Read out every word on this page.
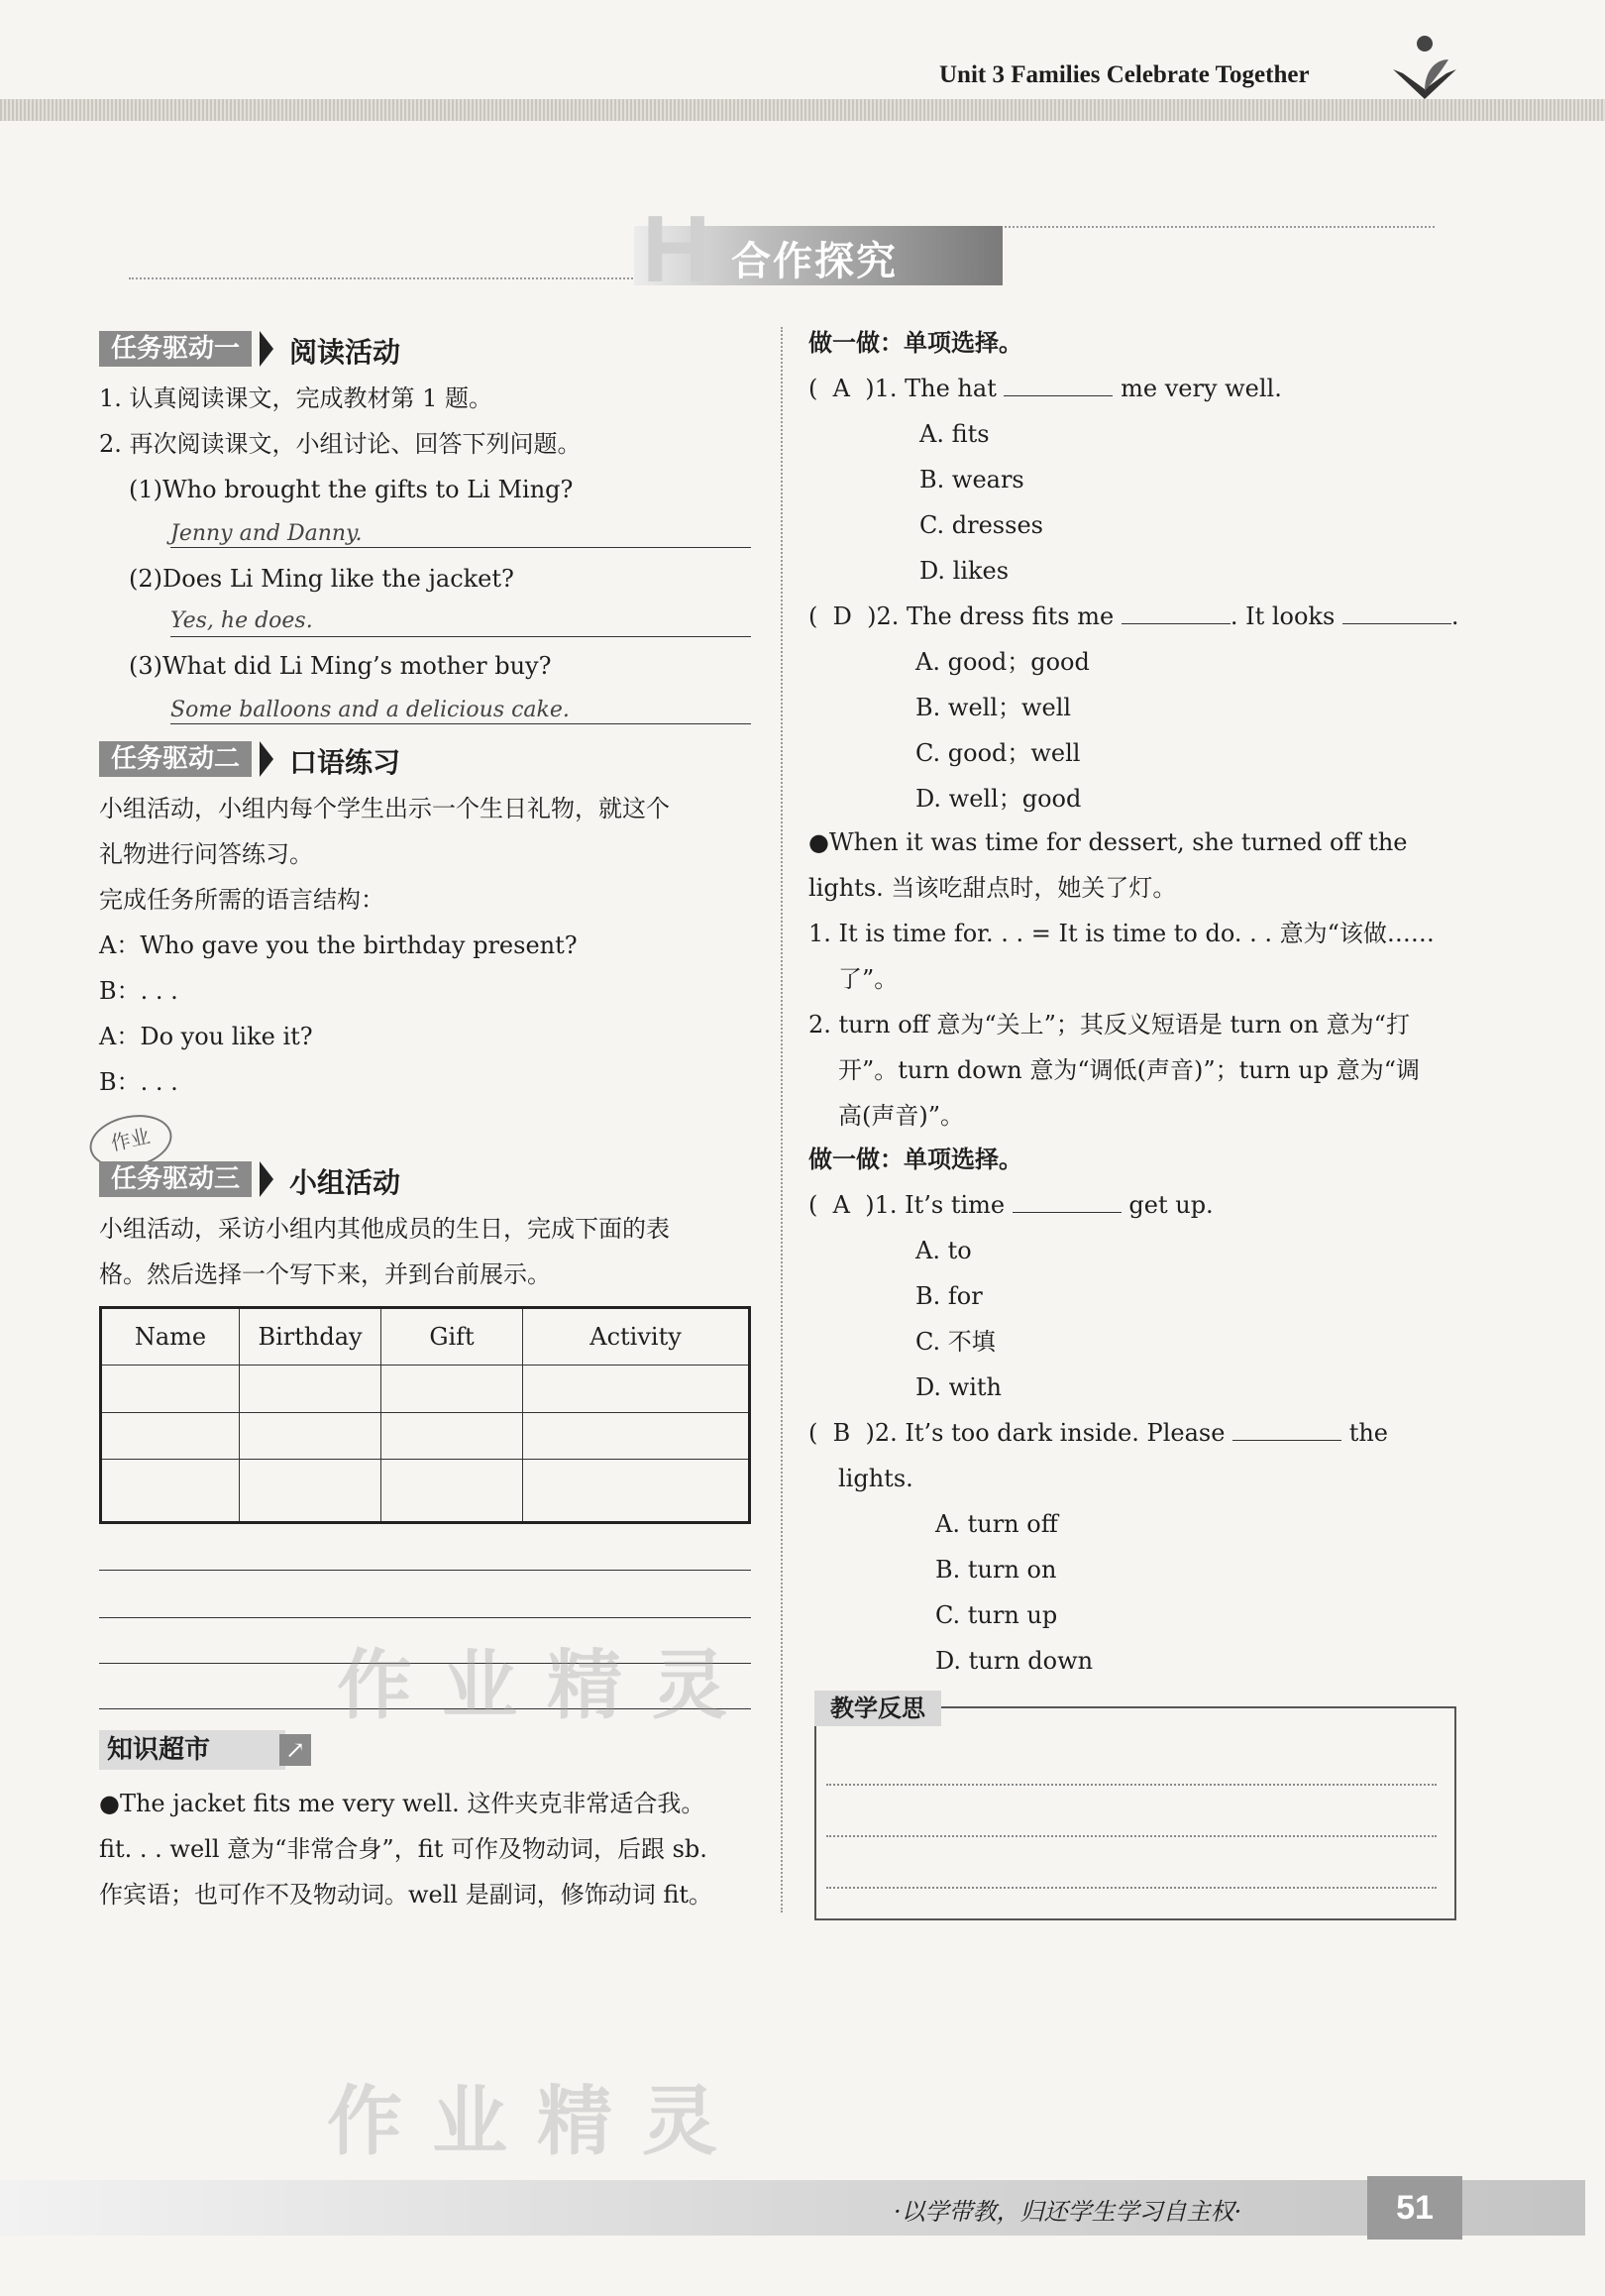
Unit 3 Families Celebrate Together
H 合作探究
任务驱动一	阅读活动
1. 认真阅读课文，完成教材第 1 题。
2. 再次阅读课文，小组讨论、回答下列问题。
(1)Who brought the gifts to Li Ming?
Jenny and Danny.
(2)Does Li Ming like the jacket?
Yes, he does.
(3)What did Li Ming’s mother buy?
Some balloons and a delicious cake.
任务驱动二	口语练习
小组活动，小组内每个学生出示一个生日礼物，就这个
礼物进行问答练习。
完成任务所需的语言结构：
A：Who gave you the birthday present?
B：. . .
A：Do you like it?
B：. . .
作业
任务驱动三	小组活动
小组活动，采访小组内其他成员的生日，完成下面的表
格。然后选择一个写下来，并到台前展示。
Name	Birthday	Gift	Activity

作业精灵
知识超市	↗
●The jacket fits me very well. 这件夹克非常适合我。
fit. . . well 意为“非常合身”，fit 可作及物动词，后跟 sb.
作宾语；也可作不及物动词。well 是副词，修饰动词 fit。
做一做：单项选择。
(  A )1. The hat	me very well.
A. fits
B. wears
C. dresses
D. likes
(  D )2. The dress fits me	. It looks	.
A. good；good
B. well；well
C. good；well
D. well；good
●When it was time for dessert, she turned off the
lights. 当该吃甜点时，她关了灯。
1. It is time for. . . = It is time to do. . . 意为“该做……
了”。
2. turn off 意为“关上”；其反义短语是 turn on 意为“打
开”。turn down 意为“调低(声音)”；turn up 意为“调
高(声音)”。
做一做：单项选择。
(  A )1. It’s time	get up.
A. to
B. for
C. 不填
D. with
(  B )2. It’s too dark inside. Please	the
lights.
A. turn off
B. turn on
C. turn up
D. turn down
教学反思
作业精灵
·以学带教，归还学生学习自主权·	51
